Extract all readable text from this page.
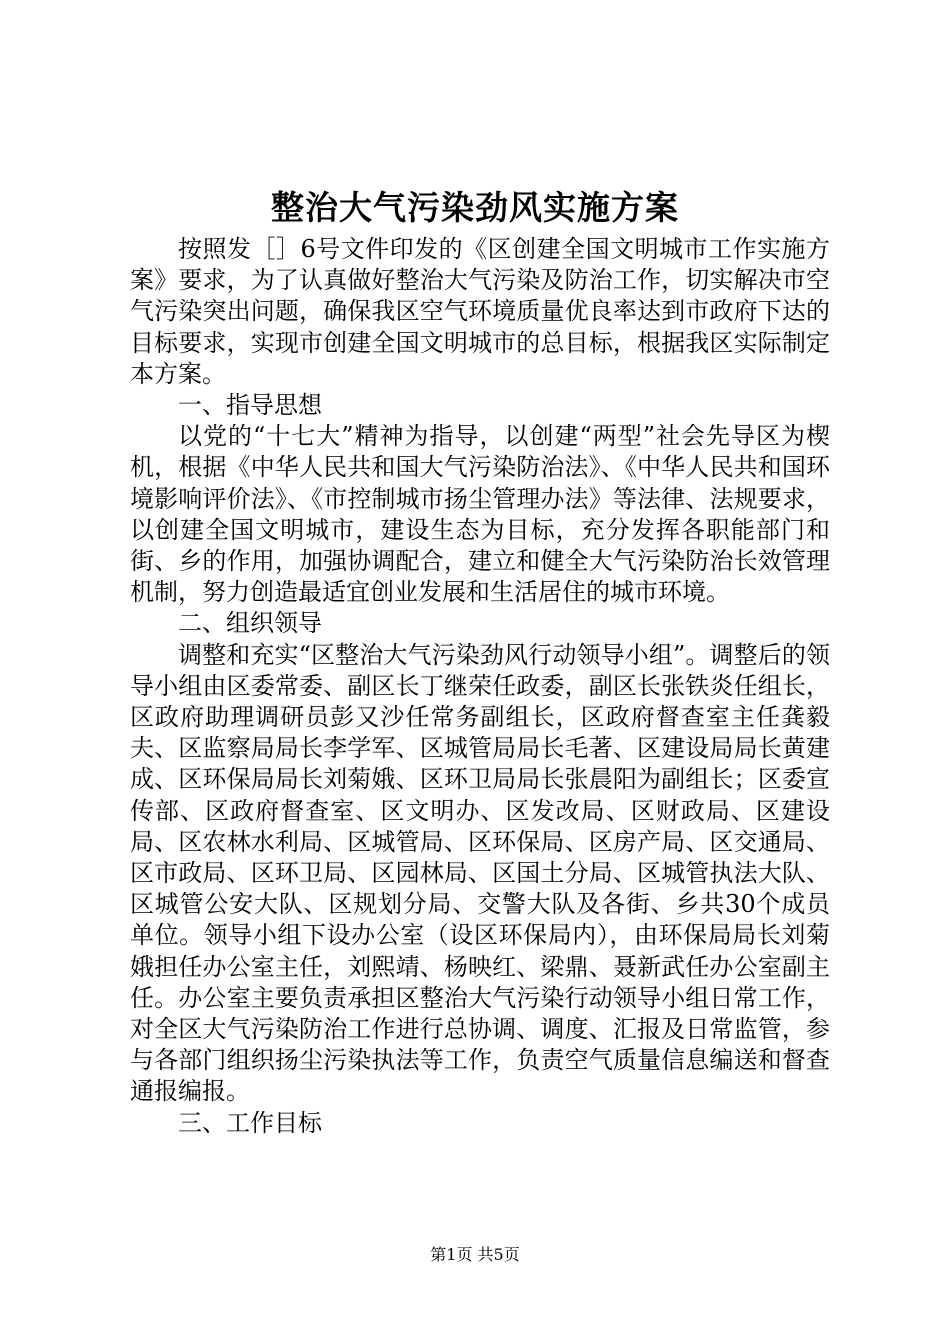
整治大气污染劲风实施方案

按照发［］6号文件印发的《区创建全国文明城市工作实施方案》要求，为了认真做好整治大气污染及防治工作，切实解决市空气污染突出问题，确保我区空气环境质量优良率达到市政府下达的目标要求，实现市创建全国文明城市的总目标，根据我区实际制定本方案。

一、指导思想

以党的“十七大”精神为指导，以创建“两型”社会先导区为楔机，根据《中华人民共和国大气污染防治法》、《中华人民共和国环境影响评价法》、《市控制城市扬尘管理办法》等法律、法规要求，以创建全国文明城市，建设生态为目标，充分发挥各职能部门和街、乡的作用，加强协调配合，建立和健全大气污染防治长效管理机制，努力创造最适宜创业发展和生活居住的城市环境。

二、组织领导

调整和充实“区整治大气污染劲风行动领导小组”。调整后的领导小组由区委常委、副区长丁继荣任政委，副区长张铁炎任组长，区政府助理调研员彭又沙任常务副组长，区政府督查室主任龚毅夫、区监察局局长李学军、区城管局局长毛著、区建设局局长黄建成、区环保局局长刘菊娥、区环卫局局长张晨阳为副组长；区委宣传部、区政府督查室、区文明办、区发改局、区财政局、区建设局、区农林水利局、区城管局、区环保局、区房产局、区交通局、区市政局、区环卫局、区园林局、区国土分局、区城管执法大队、区城管公安大队、区规划分局、交警大队及各街、乡共30个成员单位。领导小组下设办公室（设区环保局内），由环保局局长刘菊娥担任办公室主任，刘熙靖、杨映红、梁鼎、聂新武任办公室副主任。办公室主要负责承担区整治大气污染行动领导小组日常工作，对全区大气污染防治工作进行总协调、调度、汇报及日常监管，参与各部门组织扬尘污染执法等工作，负责空气质量信息编送和督查通报编报。

三、工作目标

第1页 共5页
